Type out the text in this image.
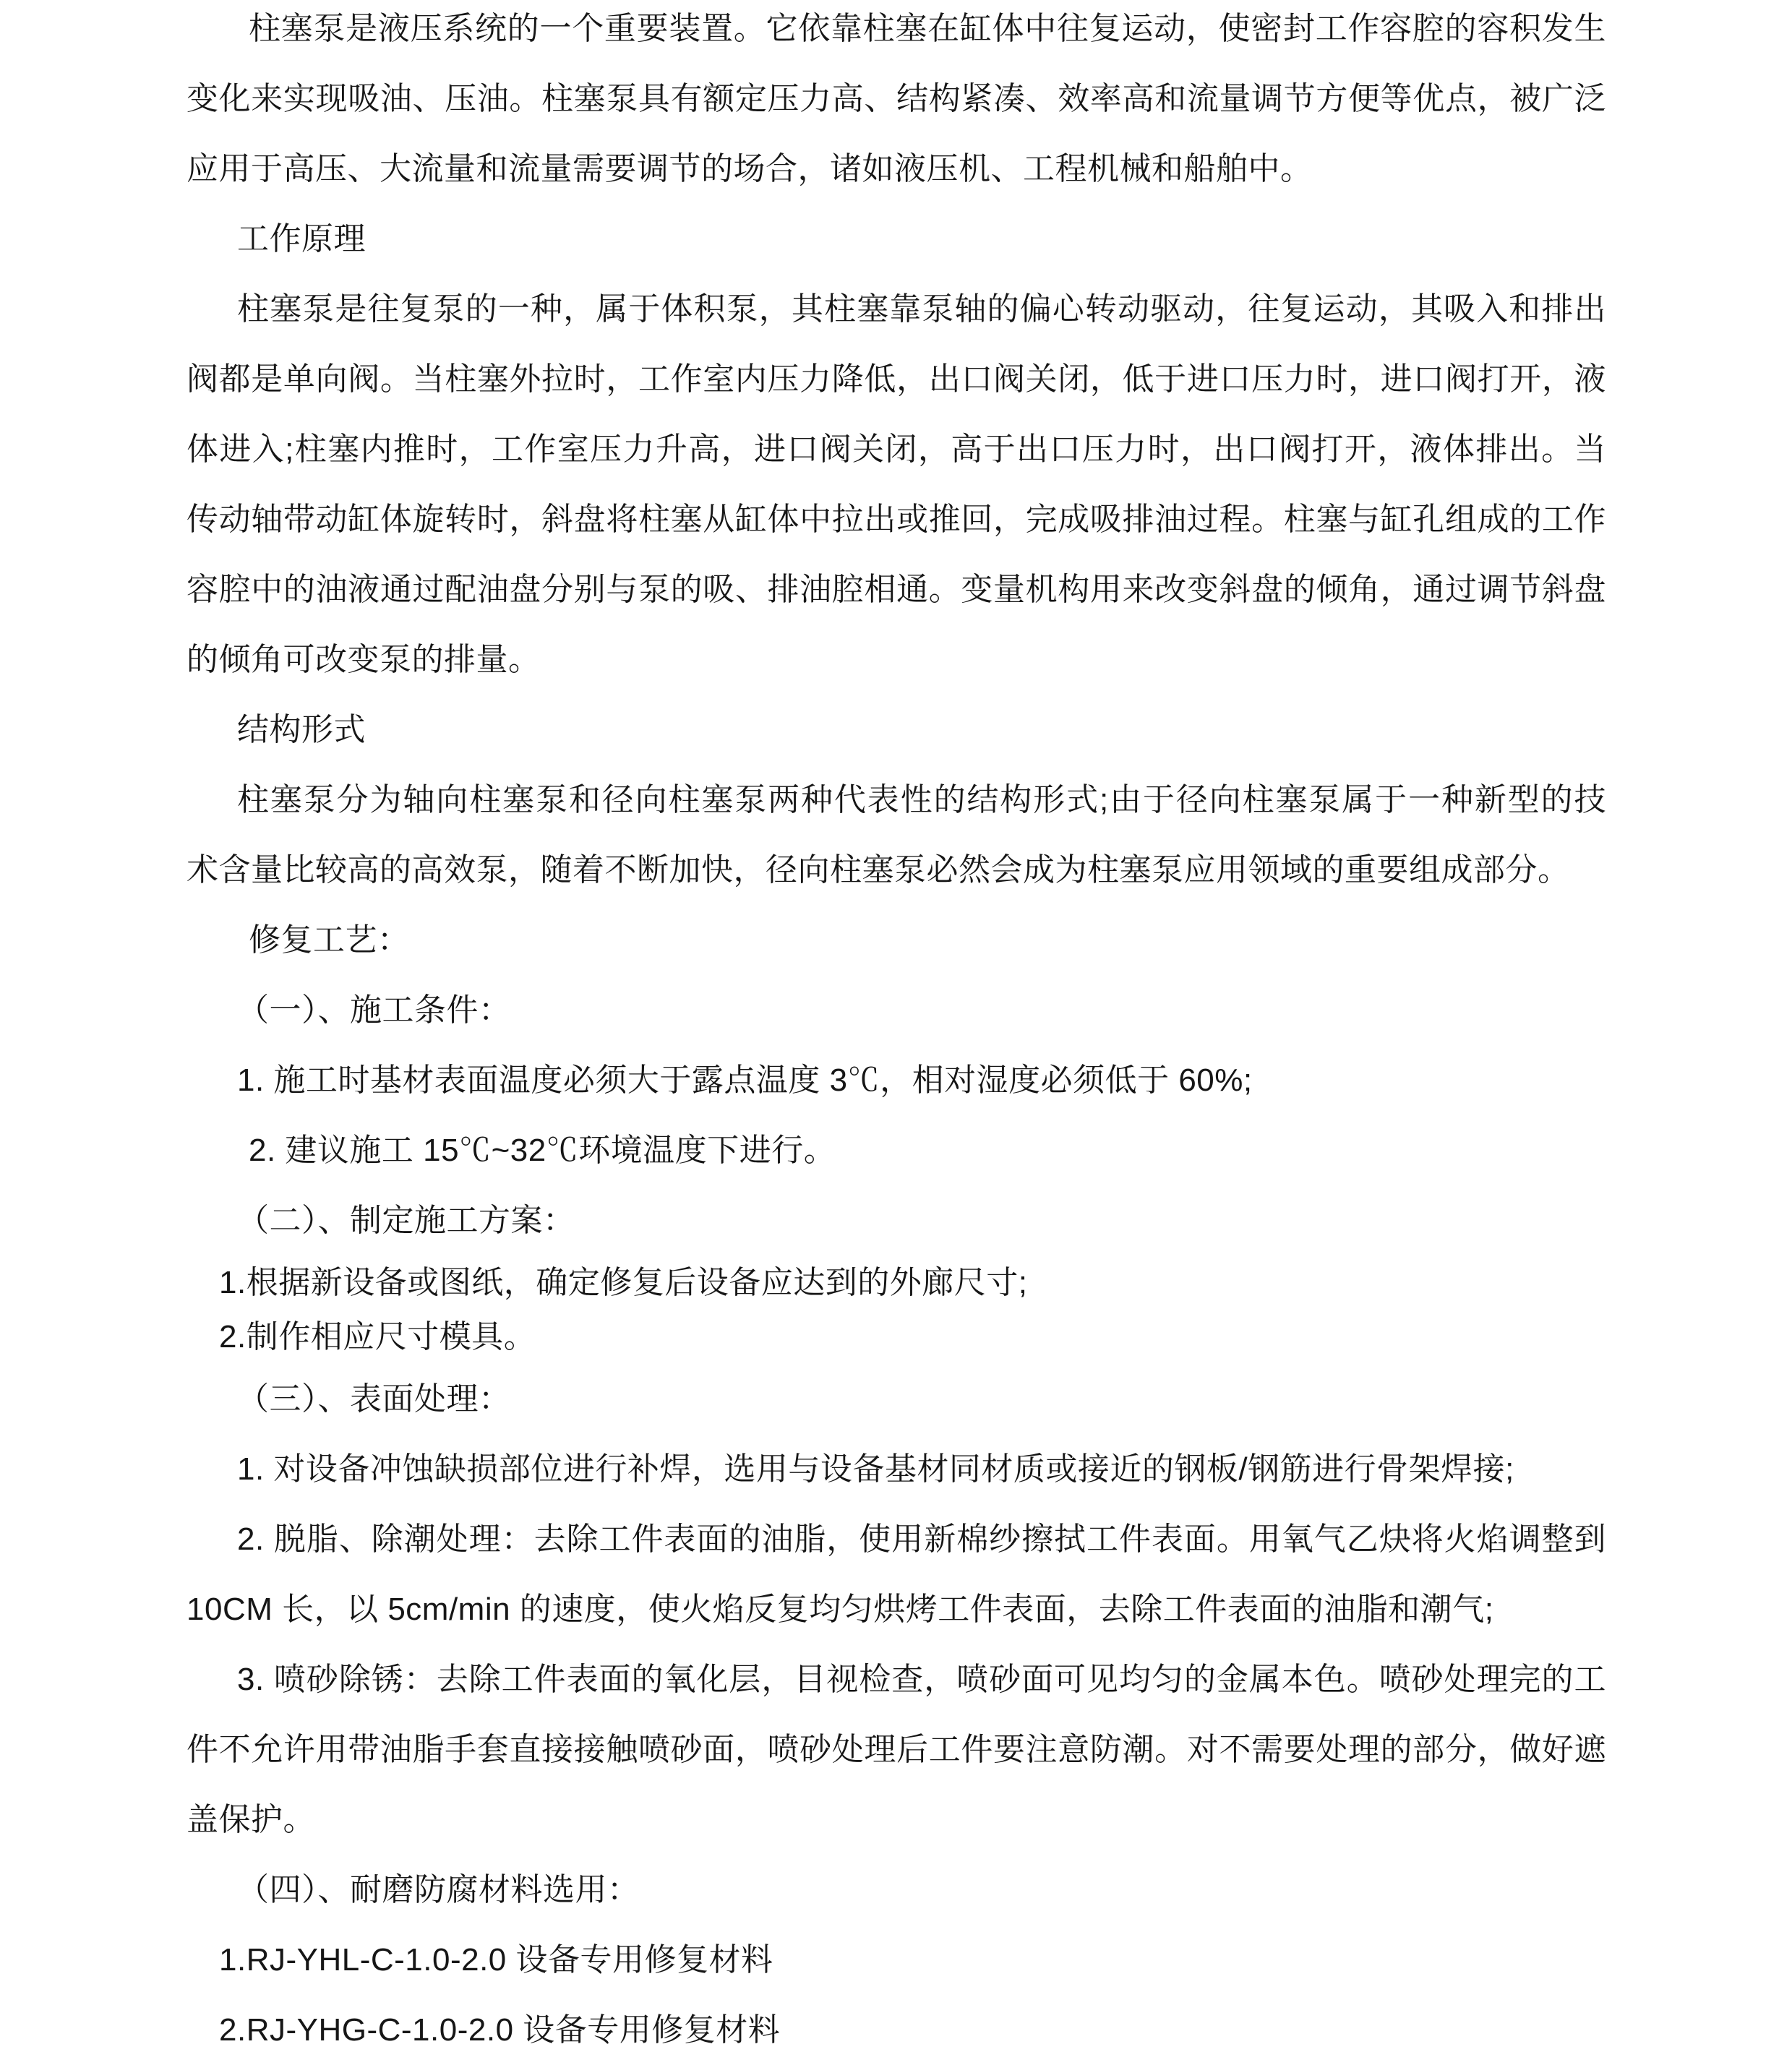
柱塞泵是液压系统的一个重要装置。它依靠柱塞在缸体中往复运动，使密封工作容腔的容积发生
变化来实现吸油、压油。柱塞泵具有额定压力高、结构紧凑、效率高和流量调节方便等优点，被广泛
应用于高压、大流量和流量需要调节的场合，诸如液压机、工程机械和船舶中。
工作原理
柱塞泵是往复泵的一种，属于体积泵，其柱塞靠泵轴的偏心转动驱动，往复运动，其吸入和排出
阀都是单向阀。当柱塞外拉时，工作室内压力降低，出口阀关闭，低于进口压力时，进口阀打开，液
体进入;柱塞内推时，工作室压力升高，进口阀关闭，高于出口压力时，出口阀打开，液体排出。当
传动轴带动缸体旋转时，斜盘将柱塞从缸体中拉出或推回，完成吸排油过程。柱塞与缸孔组成的工作
容腔中的油液通过配油盘分别与泵的吸、排油腔相通。变量机构用来改变斜盘的倾角，通过调节斜盘
的倾角可改变泵的排量。
结构形式
柱塞泵分为轴向柱塞泵和径向柱塞泵两种代表性的结构形式;由于径向柱塞泵属于一种新型的技
术含量比较高的高效泵，随着不断加快，径向柱塞泵必然会成为柱塞泵应用领域的重要组成部分。
修复工艺：
（一）、施工条件：
1. 施工时基材表面温度必须大于露点温度 3℃，相对湿度必须低于 60%;
2. 建议施工 15℃~32℃环境温度下进行。
（二）、制定施工方案：
1.根据新设备或图纸，确定修复后设备应达到的外廊尺寸;
2.制作相应尺寸模具。
（三）、表面处理：
1. 对设备冲蚀缺损部位进行补焊，选用与设备基材同材质或接近的钢板/钢筋进行骨架焊接;
2. 脱脂、除潮处理：去除工件表面的油脂，使用新棉纱擦拭工件表面。用氧气乙炔将火焰调整到
10CM 长，以 5cm/min 的速度，使火焰反复均匀烘烤工件表面，去除工件表面的油脂和潮气;
3. 喷砂除锈：去除工件表面的氧化层，目视检查，喷砂面可见均匀的金属本色。喷砂处理完的工
件不允许用带油脂手套直接接触喷砂面，喷砂处理后工件要注意防潮。对不需要处理的部分，做好遮
盖保护。
（四）、耐磨防腐材料选用：
1.RJ-YHL-C-1.0-2.0 设备专用修复材料
2.RJ-YHG-C-1.0-2.0 设备专用修复材料
